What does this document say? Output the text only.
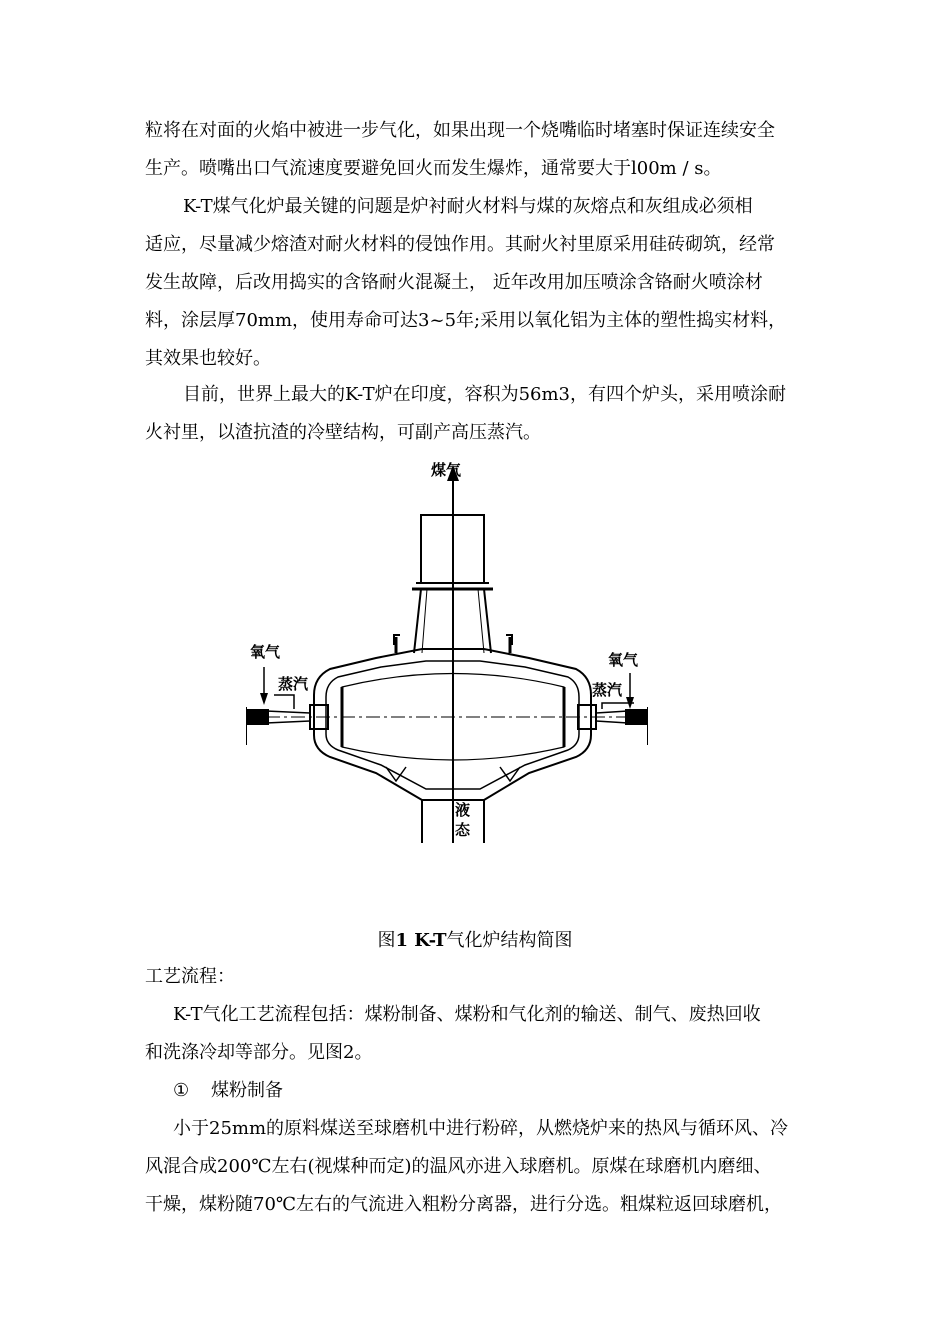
粒将在对面的火焰中被进一步气化，如果出现一个烧嘴临时堵塞时保证连续安全
生产。喷嘴出口气流速度要避免回火而发生爆炸，通常要大于l00m / s。

K-T煤气化炉最关键的问题是炉衬耐火材料与煤的灰熔点和灰组成必须相
适应，尽量减少熔渣对耐火材料的侵蚀作用。其耐火衬里原采用硅砖砌筑，经常
发生故障，后改用捣实的含铬耐火混凝土， 近年改用加压喷涂含铬耐火喷涂材
料，涂层厚70mm，使用寿命可达3~5年;采用以氧化铝为主体的塑性捣实材料，
其效果也较好。

目前，世界上最大的K-T炉在印度，容积为56m3，有四个炉头，采用喷涂耐
火衬里，以渣抗渣的冷壁结构，可副产高压蒸汽。

煤气
氧气
蒸汽
氧气
蒸汽
液
态
图1 K-T气化炉结构简图

工艺流程：

K-T气化工艺流程包括：煤粉制备、煤粉和气化剂的输送、制气、废热回收
和洗涤冷却等部分。见图2。

① 煤粉制备

小于25mm的原料煤送至球磨机中进行粉碎，从燃烧炉来的热风与循环风、冷
风混合成200℃左右(视煤种而定)的温风亦进入球磨机。原煤在球磨机内磨细、
干燥，煤粉随70℃左右的气流进入粗粉分离器，进行分选。粗煤粒返回球磨机，
